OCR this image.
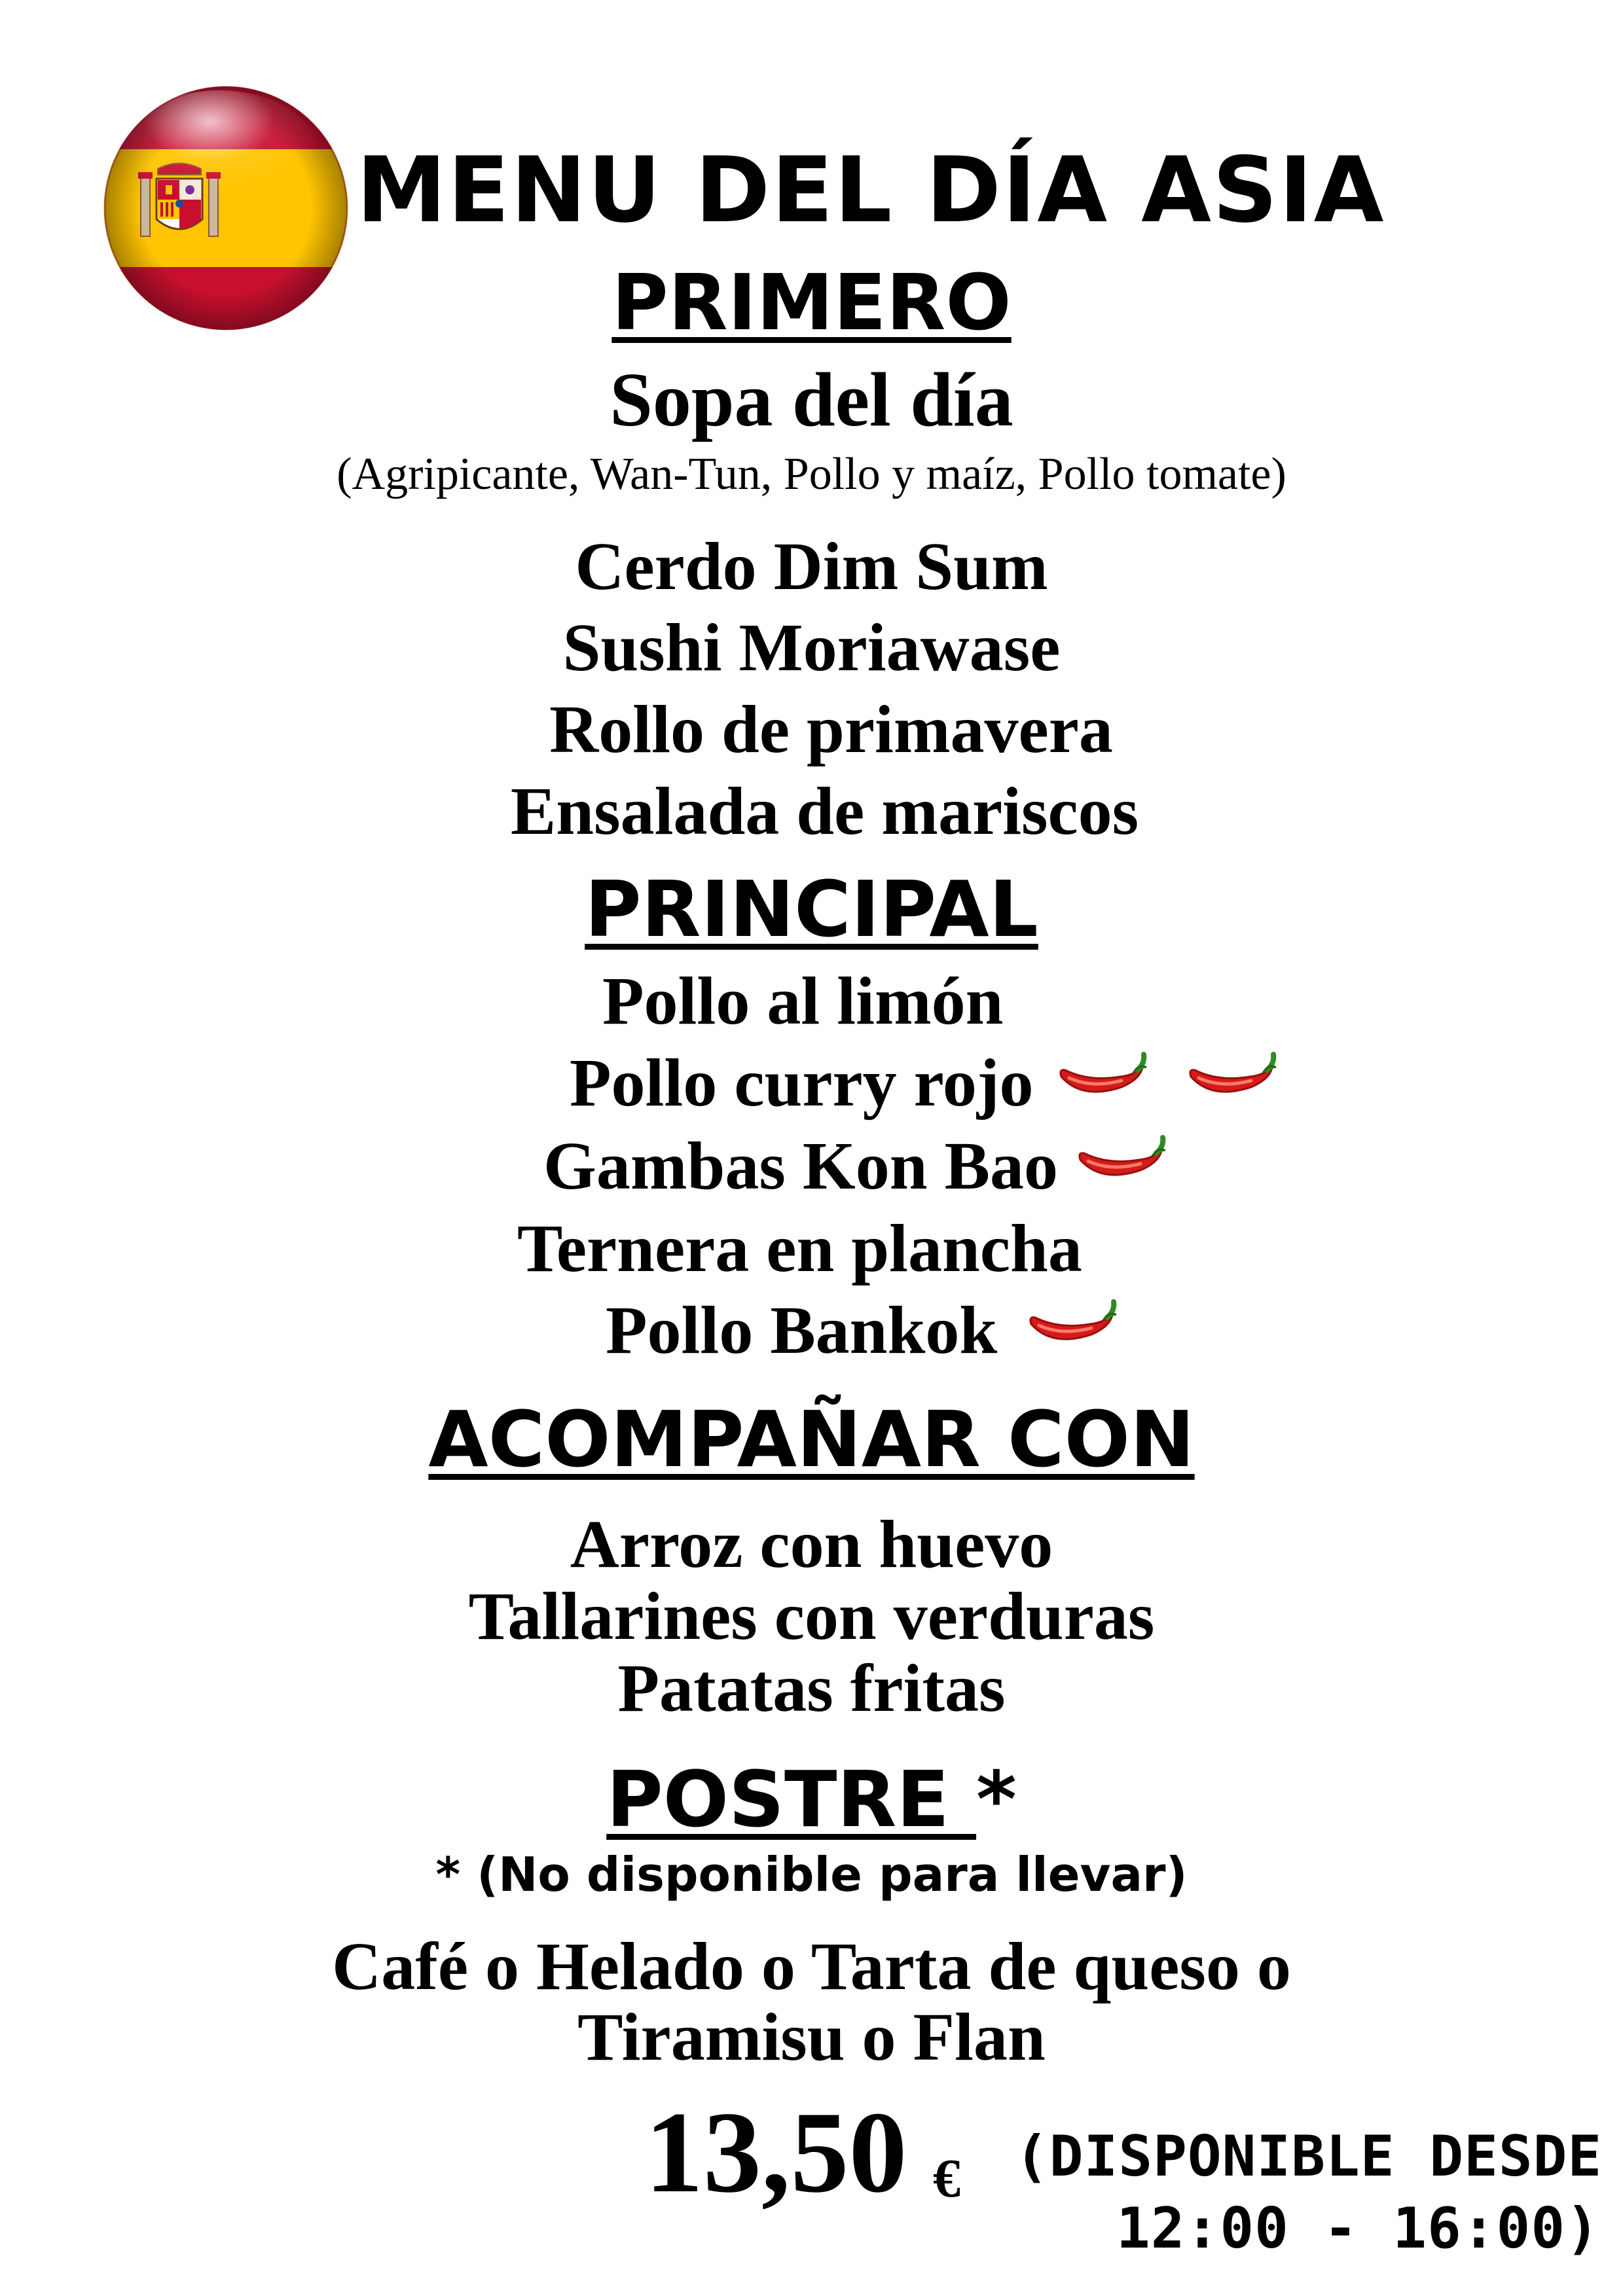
MENU DEL DÍA ASIA
PRIMERO
Sopa del día
(Agripicante, Wan-Tun, Pollo y maíz, Pollo tomate)
Cerdo Dim Sum
Sushi Moriawase
Rollo de primavera
Ensalada de mariscos
PRINCIPAL
Pollo al limón
Pollo curry rojo
Gambas Kon Bao
Ternera en plancha
Pollo Bankok
ACOMPAÑAR CON
Arroz con huevo
Tallarines con verduras
Patatas fritas
POSTRE *
* (No disponible para llevar)
Café o Helado o Tarta de queso o
Tiramisu o Flan
13,50 € (DISPONIBLE DESDE
12:00 - 16:00)
